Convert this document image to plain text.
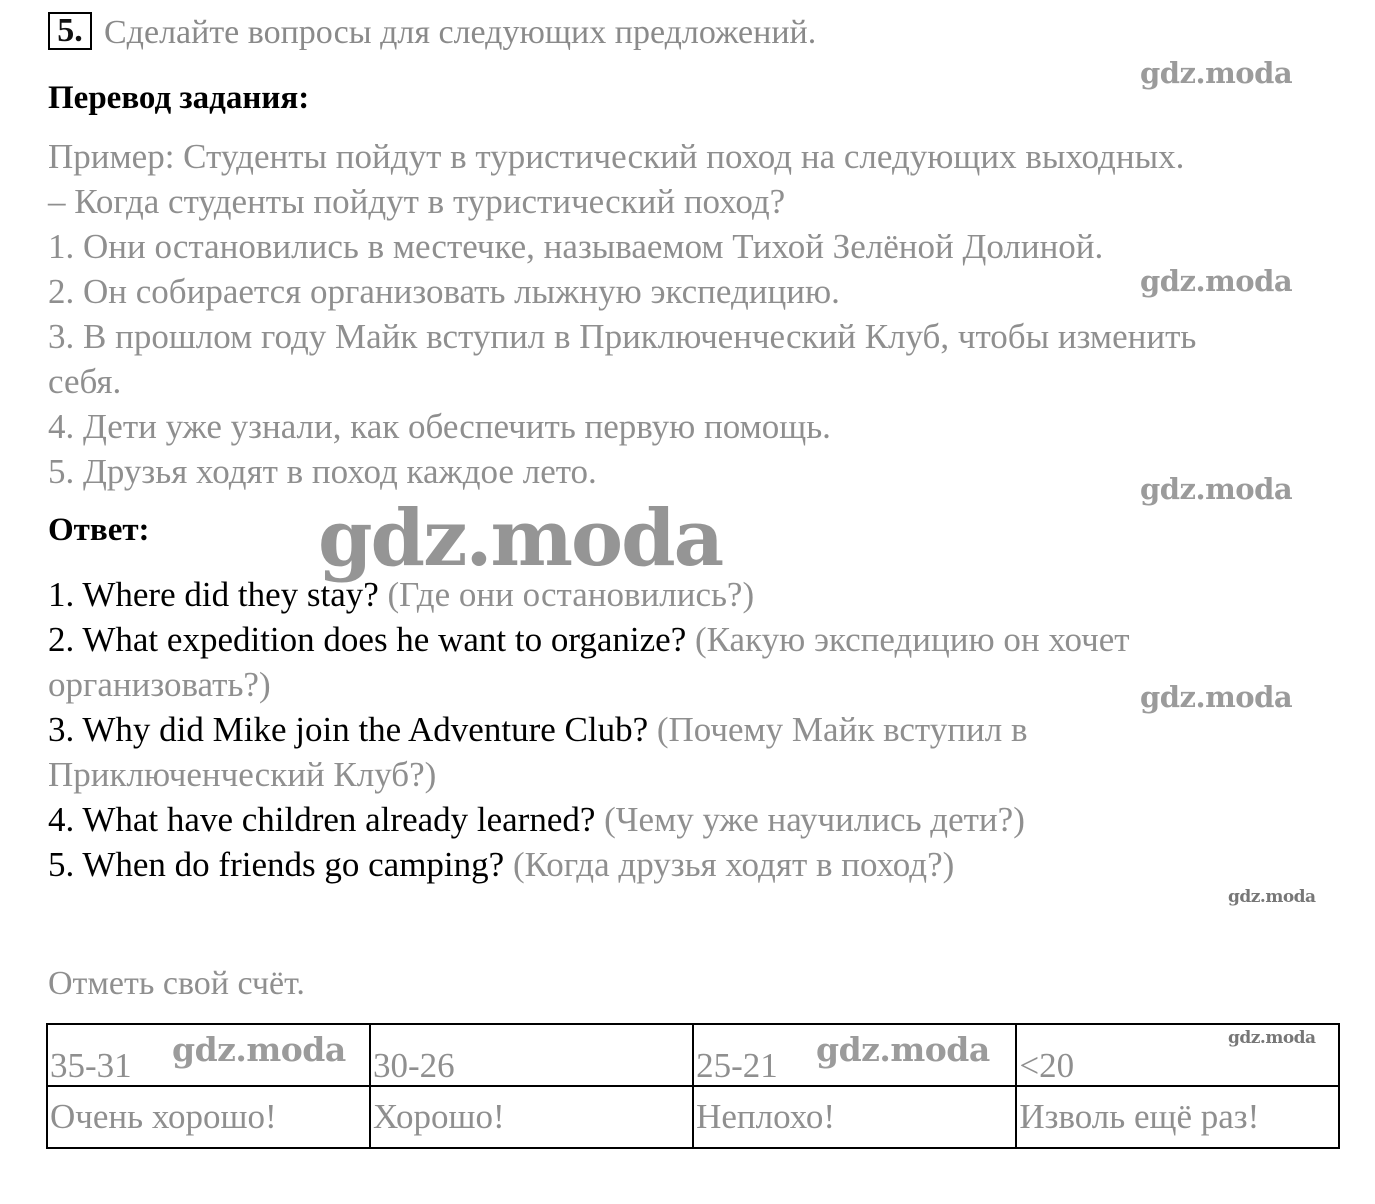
5. Сделайте вопросы для следующих предложений.
Перевод задания:
Пример: Студенты пойдут в туристический поход на следующих выходных.
– Когда студенты пойдут в туристический поход?
1. Они остановились в местечке, называемом Тихой Зелёной Долиной.
2. Он собирается организовать лыжную экспедицию.
3. В прошлом году Майк вступил в Приключенческий Клуб, чтобы изменить
себя.
4. Дети уже узнали, как обеспечить первую помощь.
5. Друзья ходят в поход каждое лето.
Ответ: gdz.moda
1. Where did they stay? (Где они остановились?)
2. What expedition does he want to organize? (Какую экспедицию он хочет
организовать?)
3. Why did Mike join the Adventure Club? (Почему Майк вступил в
Приключенческий Клуб?)
4. What have children already learned? (Чему уже научились дети?)
5. When do friends go camping? (Когда друзья ходят в поход?)
gdz.moda
gdz.moda
gdz.moda
gdz.moda
gdz.moda
Отметь свой счёт.
35-31	30-26	25-21	<20
Очень хорошо!	Хорошо!	Неплохо!	Изволь ещё раз!
gdz.moda	gdz.moda	gdz.moda
